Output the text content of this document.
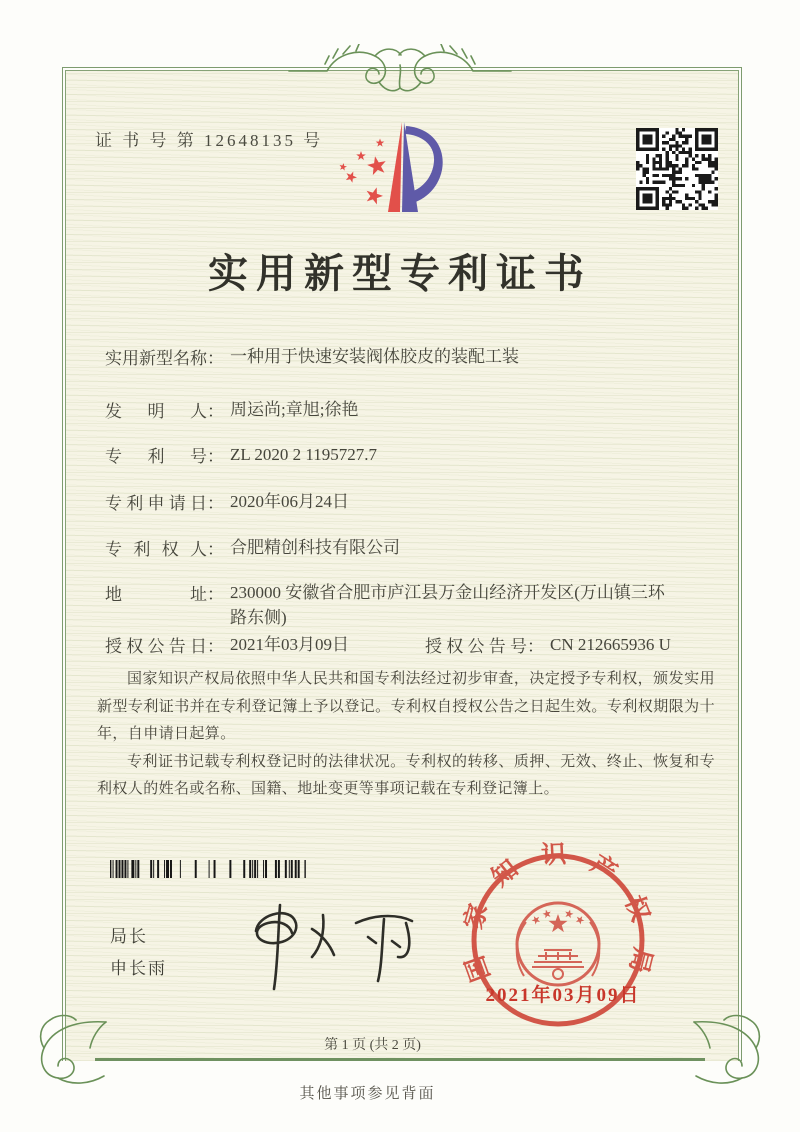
证 书 号 第 12648135 号
实用新型专利证书
实用新型名称： 一种用于快速安装阀体胶皮的装配工装
发明人： 周运尚;章旭;徐艳
专利号： ZL 2020 2 1195727.7
专利申请日： 2020年06月24日
专利权人： 合肥精创科技有限公司
地址： 230000 安徽省合肥市庐江县万金山经济开发区(万山镇三环路东侧)
授权公告日： 2021年03月09日	授权公告号： CN 212665936 U

国家知识产权局依照中华人民共和国专利法经过初步审查，决定授予专利权，颁发实用新型专利证书并在专利登记簿上予以登记。专利权自授权公告之日起生效。专利权期限为十年，自申请日起算。

专利证书记载专利权登记时的法律状况。专利权的转移、质押、无效、终止、恢复和专利权人的姓名或名称、国籍、地址变更等事项记载在专利登记簿上。

局长
申长雨	国家知识产权局
2021年03月09日
第 1 页 (共 2 页)
其他事项参见背面
